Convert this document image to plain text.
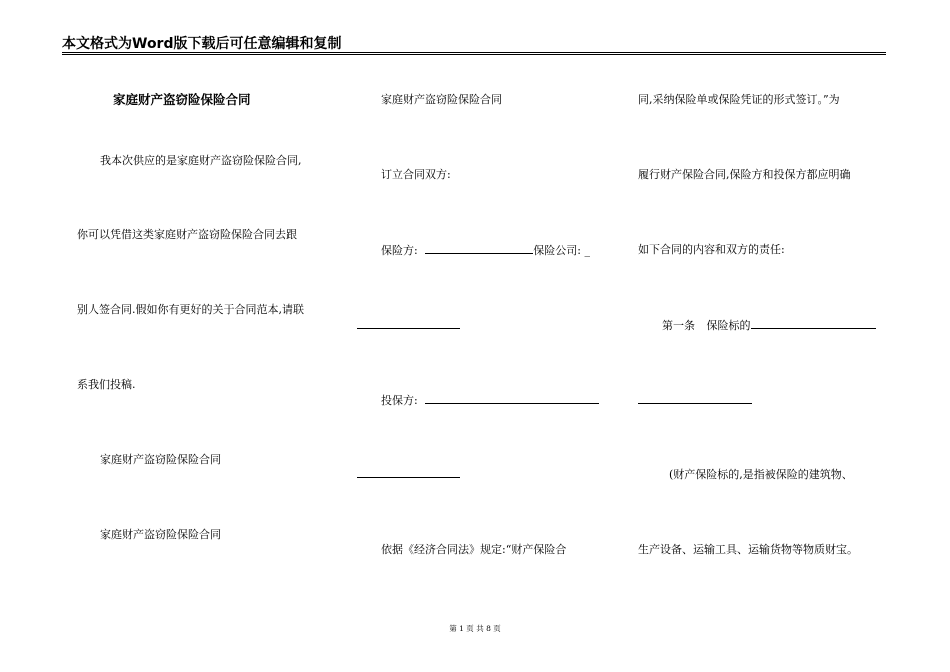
本文格式为Word版下载后可任意编辑和复制
家庭财产盗窃险保险合同
我本次供应的是家庭财产盗窃险保险合同,
你可以凭借这类家庭财产盗窃险保险合同去跟
别人签合同.假如你有更好的关于合同范本,请联
系我们投稿.
家庭财产盗窃险保险合同
家庭财产盗窃险保险合同
家庭财产盗窃险保险合同
订立合同双方:
保险方:	保险公司: _
投保方:
依据《经济合同法》规定:“财产保险合
同,采纳保险单或保险凭证的形式签订。”为
履行财产保险合同,保险方和投保方都应明确
如下合同的内容和双方的责任:
第一条 保险标的
(财产保险标的,是指被保险的建筑物、
生产设备、运输工具、运输货物等物质财宝。
第 1 页 共 8 页
